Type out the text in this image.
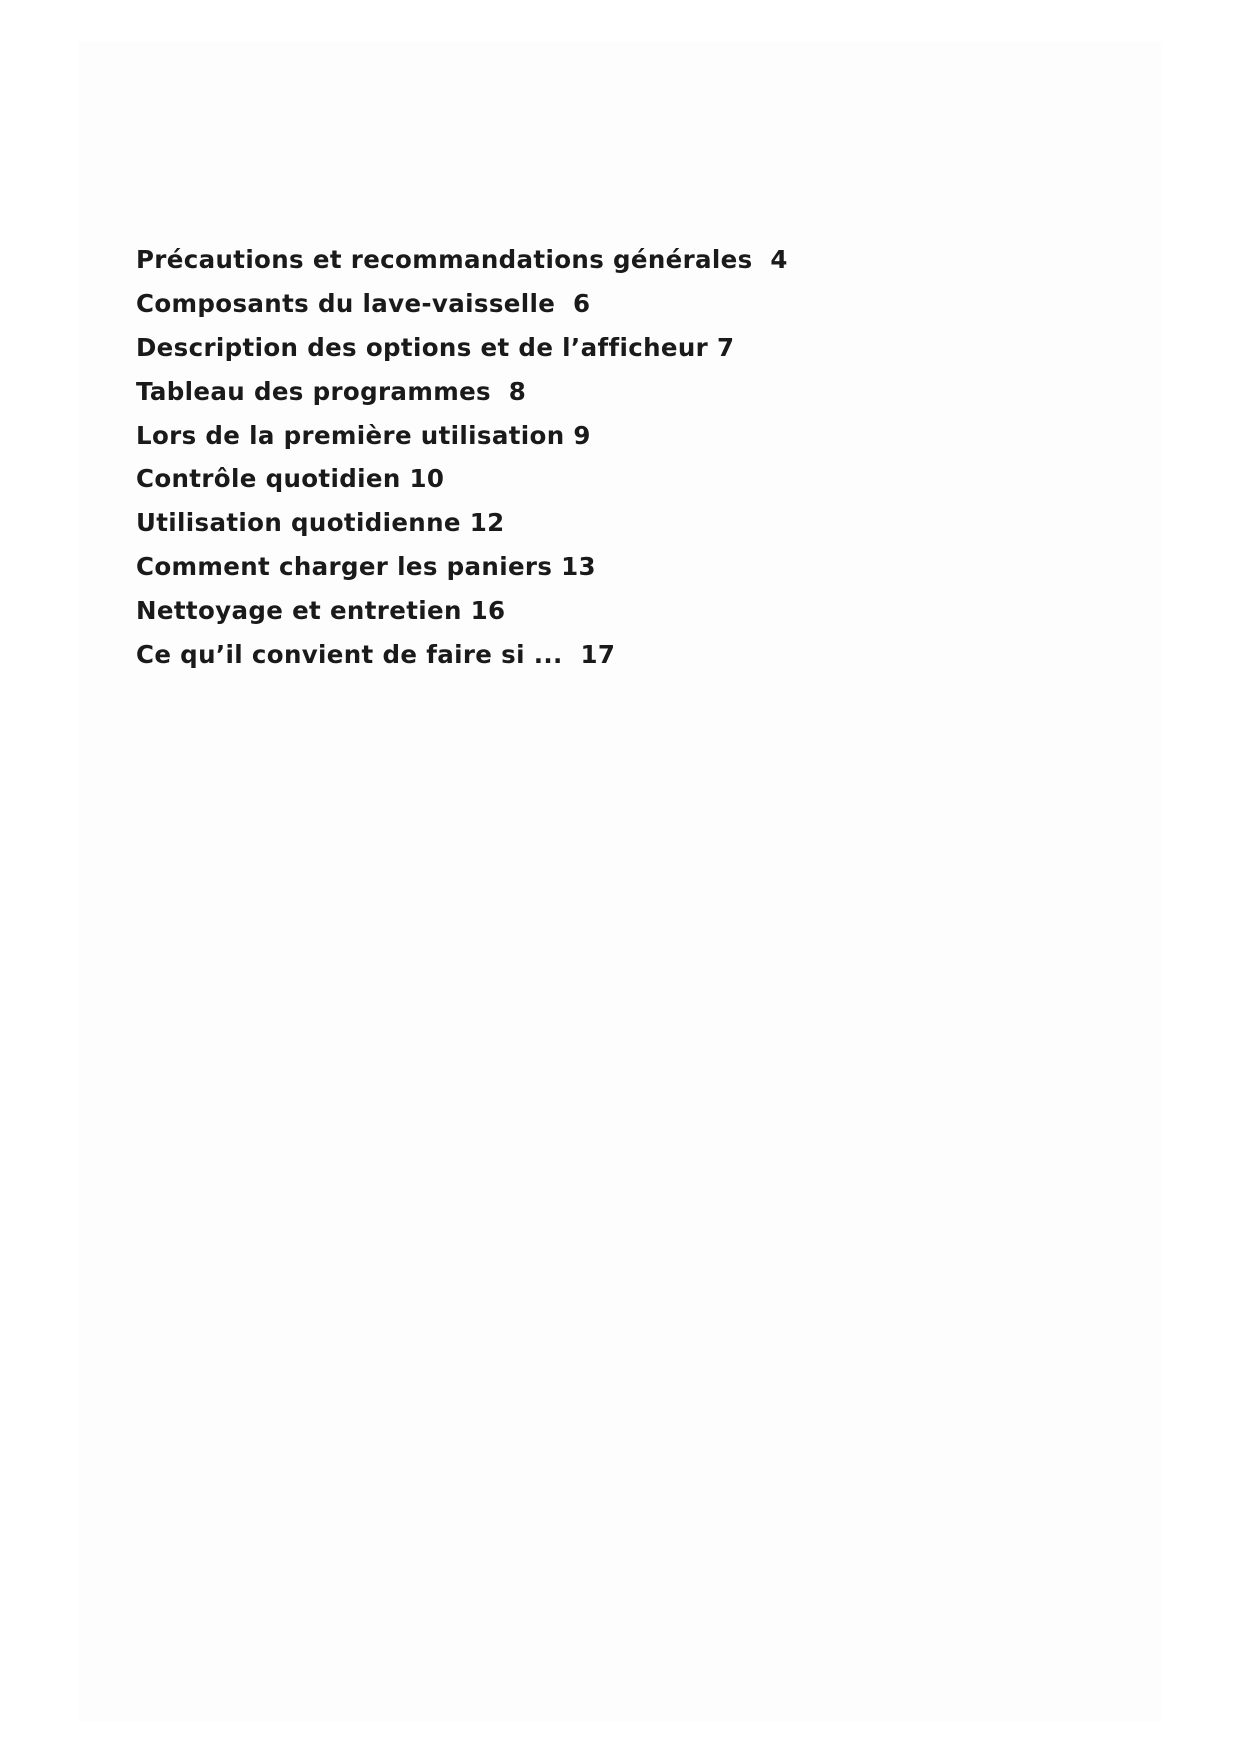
Précautions et recommandations générales  4
Composants du lave-vaisselle  6
Description des options et de l’afficheur 7
Tableau des programmes  8
Lors de la première utilisation 9
Contrôle quotidien 10
Utilisation quotidienne 12
Comment charger les paniers 13
Nettoyage et entretien 16
Ce qu’il convient de faire si ...  17
